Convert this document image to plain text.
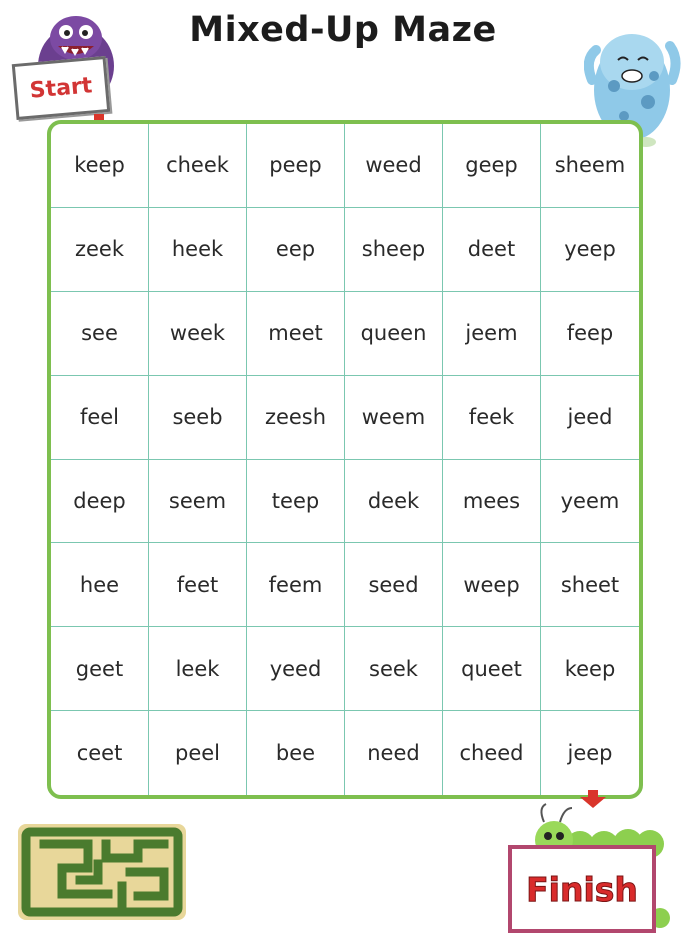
Mixed-Up Maze
Start
keep	cheek	peep	weed	geep	sheem
zeek	heek	eep	sheep	deet	yeep
see	week	meet	queen	jeem	feep
feel	seeb	zeesh	weem	feek	jeed
deep	seem	teep	deek	mees	yeem
hee	feet	feem	seed	weep	sheet
geet	leek	yeed	seek	queet	keep
ceet	peel	bee	need	cheed	jeep
Finish
